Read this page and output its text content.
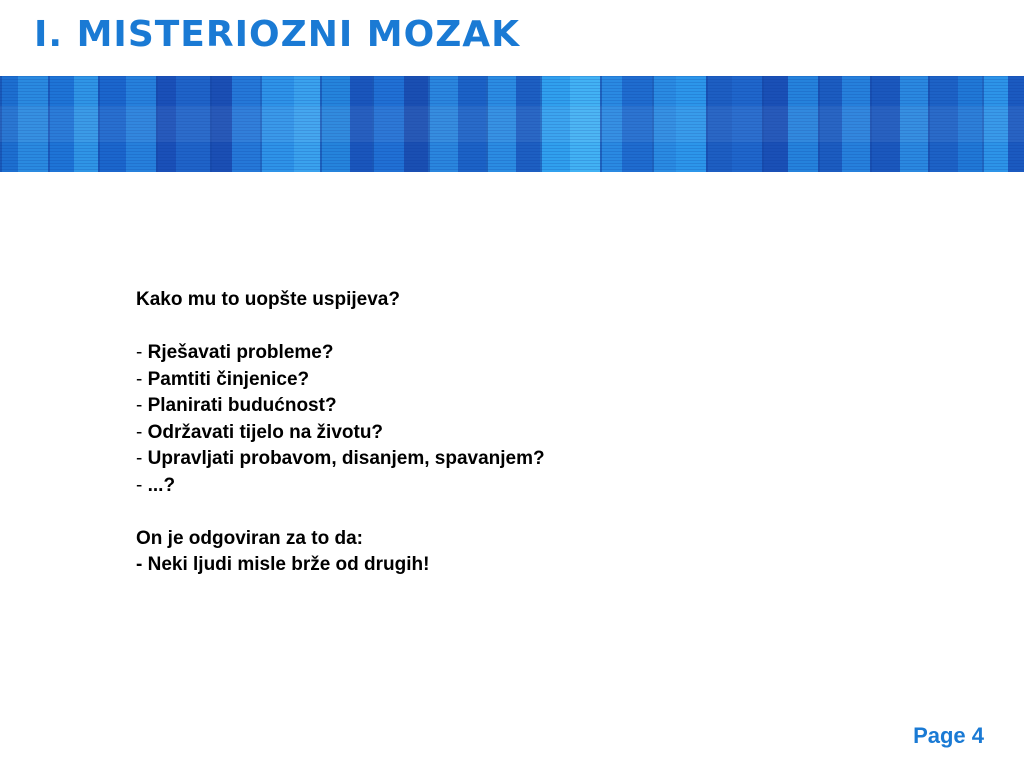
I. MISTERIOZNI MOZAK
Kako mu to uopšte uspijeva?
- Rješavati probleme?
- Pamtiti činjenice?
- Planirati budućnost?
- Održavati tijelo na životu?
- Upravljati probavom, disanjem, spavanjem?
- ...?
On je odgoviran za to da:
- Neki ljudi misle brže od drugih!
Page 4
